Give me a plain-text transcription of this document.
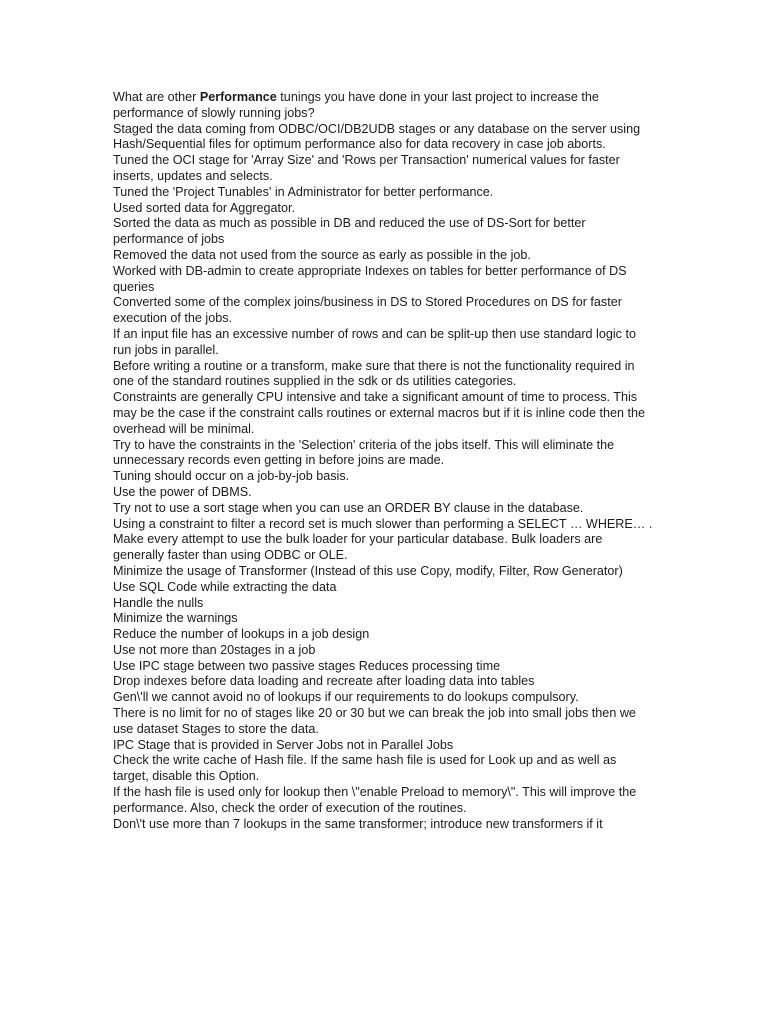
What are other Performance tunings you have done in your last project to increase the performance of slowly running jobs?

Staged the data coming from ODBC/OCI/DB2UDB stages or any database on the server using Hash/Sequential files for optimum performance also for data recovery in case job aborts.

Tuned the OCI stage for 'Array Size' and 'Rows per Transaction' numerical values for faster inserts, updates and selects.

Tuned the 'Project Tunables' in Administrator for better performance.

Used sorted data for Aggregator.

Sorted the data as much as possible in DB and reduced the use of DS-Sort for better performance of jobs

Removed the data not used from the source as early as possible in the job.

Worked with DB-admin to create appropriate Indexes on tables for better performance of DS queries

Converted some of the complex joins/business in DS to Stored Procedures on DS for faster execution of the jobs.

If an input file has an excessive number of rows and can be split-up then use standard logic to run jobs in parallel.

Before writing a routine or a transform, make sure that there is not the functionality required in one of the standard routines supplied in the sdk or ds utilities categories.

Constraints are generally CPU intensive and take a significant amount of time to process. This may be the case if the constraint calls routines or external macros but if it is inline code then the overhead will be minimal.

Try to have the constraints in the 'Selection' criteria of the jobs itself. This will eliminate the unnecessary records even getting in before joins are made.

Tuning should occur on a job-by-job basis.

Use the power of DBMS.

Try not to use a sort stage when you can use an ORDER BY clause in the database.

Using a constraint to filter a record set is much slower than performing a SELECT … WHERE… .

Make every attempt to use the bulk loader for your particular database. Bulk loaders are generally faster than using ODBC or OLE.

Minimize the usage of Transformer (Instead of this use Copy, modify, Filter, Row Generator)

Use SQL Code while extracting the data

Handle the nulls

Minimize the warnings

Reduce the number of lookups in a job design

Use not more than 20stages in a job

Use IPC stage between two passive stages Reduces processing time

Drop indexes before data loading and recreate after loading data into tables

Gen\'ll we cannot avoid no of lookups if our requirements to do lookups compulsory.

There is no limit for no of stages like 20 or 30 but we can break the job into small jobs then we use dataset Stages to store the data.

IPC Stage that is provided in Server Jobs not in Parallel Jobs

Check the write cache of Hash file. If the same hash file is used for Look up and as well as target, disable this Option.

If the hash file is used only for lookup then \"enable Preload to memory\". This will improve the performance. Also, check the order of execution of the routines.

Don\'t use more than 7 lookups in the same transformer; introduce new transformers if it
